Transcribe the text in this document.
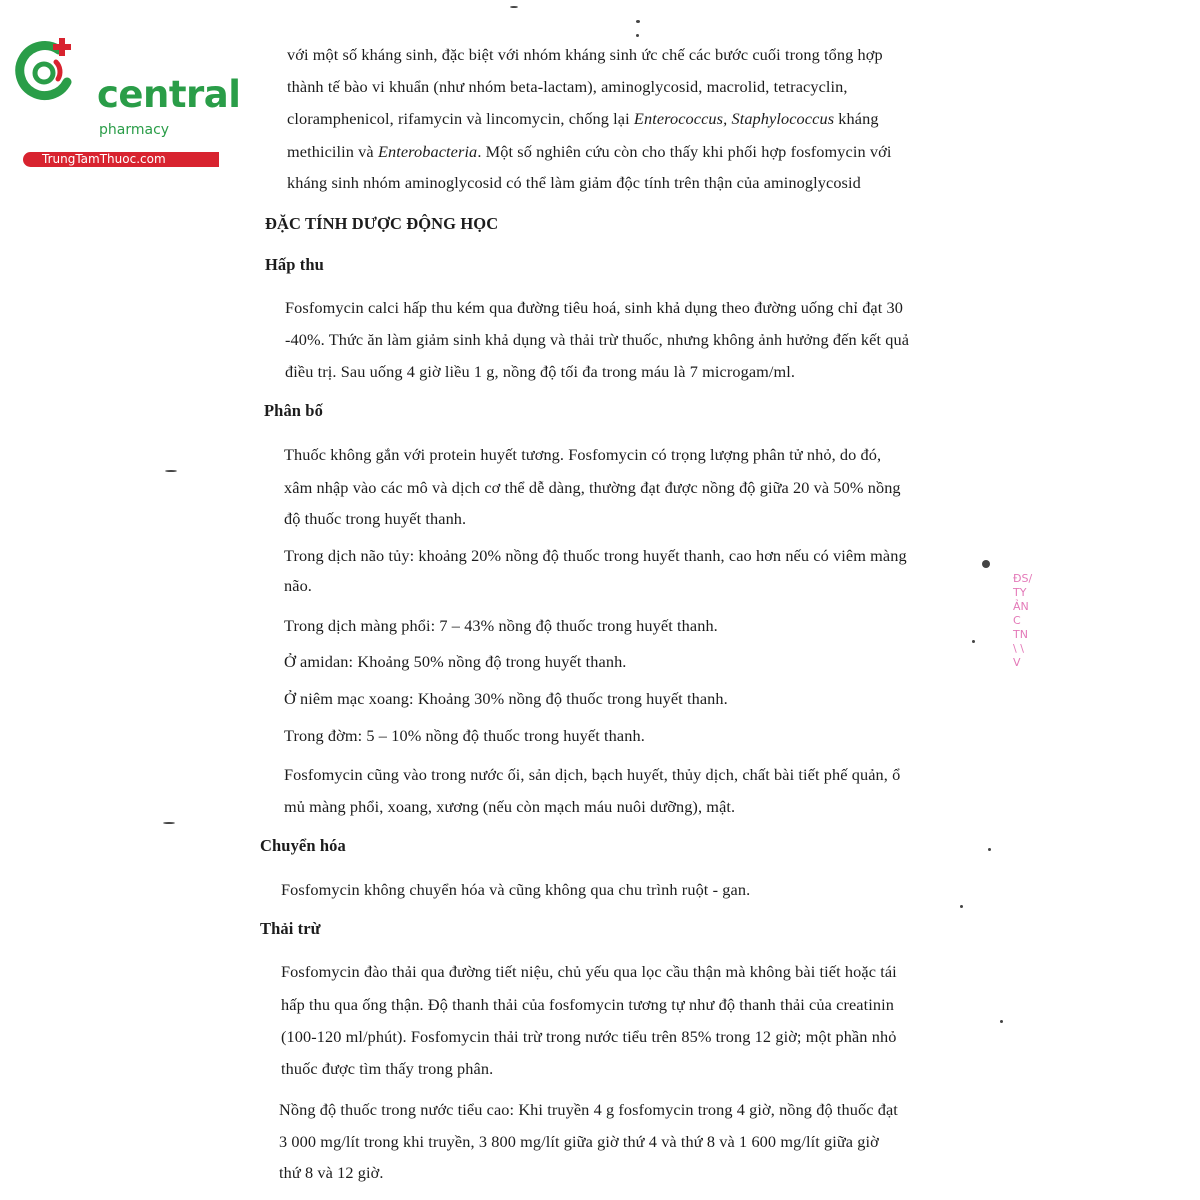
central
pharmacy
TrungTamThuoc.com
với một số kháng sinh, đặc biệt với nhóm kháng sinh ức chế các bước cuối trong tổng hợp
thành tế bào vi khuẩn (như nhóm beta-lactam), aminoglycosid, macrolid, tetracyclin,
cloramphenicol, rifamycin và lincomycin, chống lại Enterococcus, Staphylococcus kháng
methicilin và Enterobacteria. Một số nghiên cứu còn cho thấy khi phối hợp fosfomycin với
kháng sinh nhóm aminoglycosid có thể làm giảm độc tính trên thận của aminoglycosid
ĐẶC TÍNH DƯỢC ĐỘNG HỌC
Hấp thu
Fosfomycin calci hấp thu kém qua đường tiêu hoá, sinh khả dụng theo đường uống chỉ đạt 30
-40%. Thức ăn làm giảm sinh khả dụng và thải trừ thuốc, nhưng không ảnh hưởng đến kết quả
điều trị. Sau uống 4 giờ liều 1 g, nồng độ tối đa trong máu là 7 microgam/ml.
Phân bố
Thuốc không gắn với protein huyết tương. Fosfomycin có trọng lượng phân tử nhỏ, do đó,
xâm nhập vào các mô và dịch cơ thể dễ dàng, thường đạt được nồng độ giữa 20 và 50% nồng
độ thuốc trong huyết thanh.
Trong dịch não tủy: khoảng 20% nồng độ thuốc trong huyết thanh, cao hơn nếu có viêm màng
não.
Trong dịch màng phổi: 7 – 43% nồng độ thuốc trong huyết thanh.
Ở amidan: Khoảng 50% nồng độ trong huyết thanh.
Ở niêm mạc xoang: Khoảng 30% nồng độ thuốc trong huyết thanh.
Trong đờm: 5 – 10% nồng độ thuốc trong huyết thanh.
Fosfomycin cũng vào trong nước ối, sản dịch, bạch huyết, thủy dịch, chất bài tiết phế quản, ổ
mủ màng phổi, xoang, xương (nếu còn mạch máu nuôi dưỡng), mật.
Chuyển hóa
Fosfomycin không chuyển hóa và cũng không qua chu trình ruột - gan.
Thải trừ
Fosfomycin đào thải qua đường tiết niệu, chủ yếu qua lọc cầu thận mà không bài tiết hoặc tái
hấp thu qua ống thận. Độ thanh thải của fosfomycin tương tự như độ thanh thải của creatinin
(100-120 ml/phút). Fosfomycin thải trừ trong nước tiểu trên 85% trong 12 giờ; một phần nhỏ
thuốc được tìm thấy trong phân.
Nồng độ thuốc trong nước tiểu cao: Khi truyền 4 g fosfomycin trong 4 giờ, nồng độ thuốc đạt
3 000 mg/lít trong khi truyền, 3 800 mg/lít giữa giờ thứ 4 và thứ 8 và 1 600 mg/lít giữa giờ
thứ 8 và 12 giờ.
ĐS/
TY
ẢN
C
TN
\ \
V
